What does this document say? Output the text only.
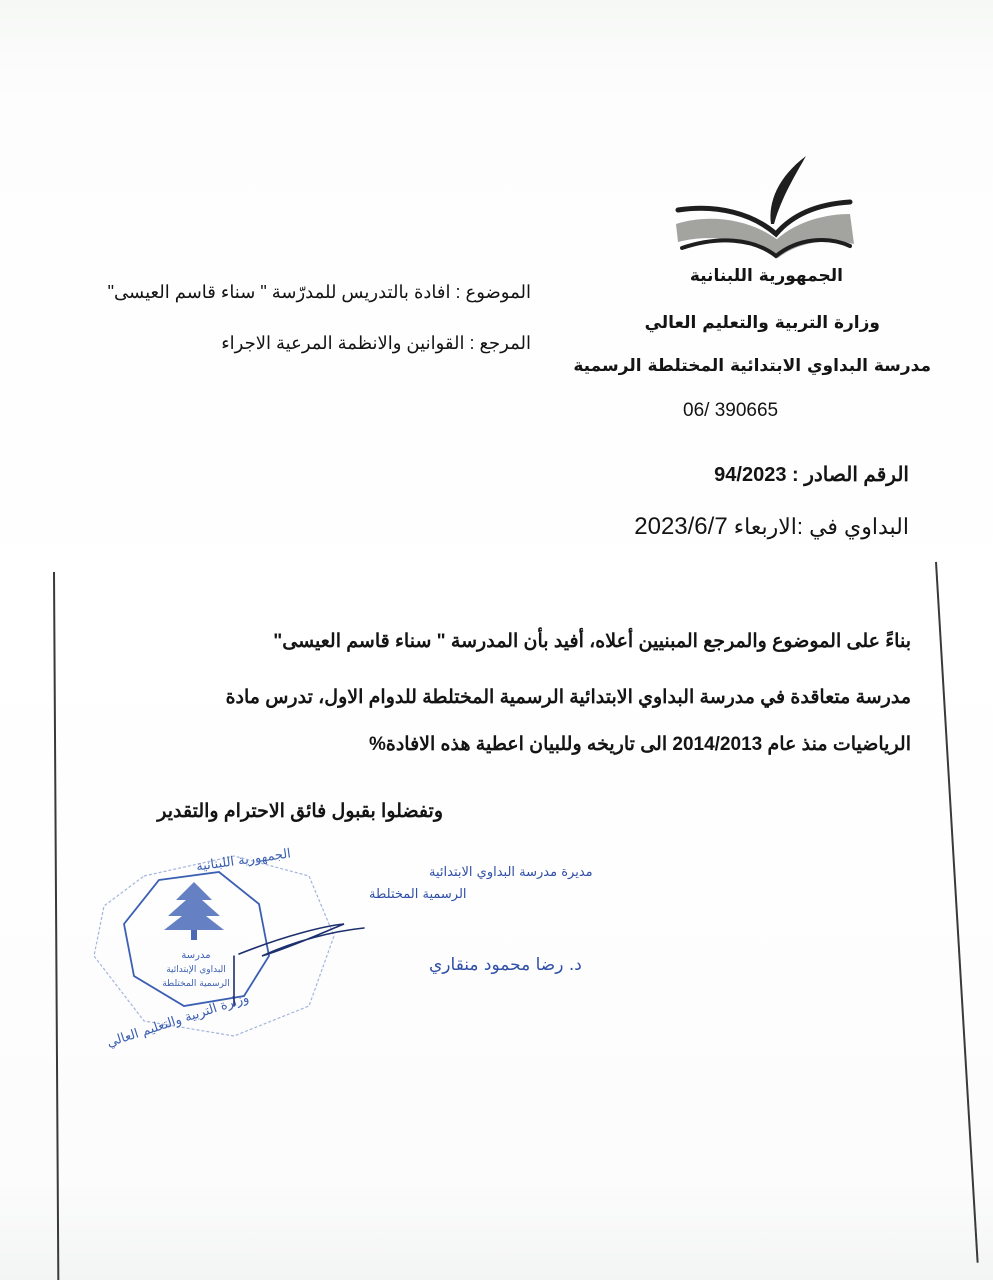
الجمهورية اللبنانية
وزارة التربية والتعليم العالي
مدرسة البداوي الابتدائية المختلطة الرسمية
06/ 390665
الموضوع : افادة بالتدريس للمدرّسة " سناء قاسم العيسى"
المرجع : القوانين والانظمة المرعية الاجراء
الرقم الصادر : 94/2023
البداوي في :الاربعاء 2023/6/7
بناءً على الموضوع والمرجع المبنيين أعلاه، أفيد بأن المدرسة " سناء قاسم العيسى"
مدرسة متعاقدة في مدرسة البداوي الابتدائية الرسمية المختلطة للدوام الاول، تدرس مادة
الرياضيات منذ عام 2014/2013 الى تاريخه وللبيان اعطية هذه الافادة%
وتفضلوا بقبول فائق الاحترام والتقدير
مدرسة
البداوي الإبتدائية
الرسمية المختلطة
الجمهورية اللبنانية
وزارة التربية والتعليم العالي
مديرة مدرسة البداوي الابتدائية
الرسمية المختلطة
د. رضا محمود منقاري
